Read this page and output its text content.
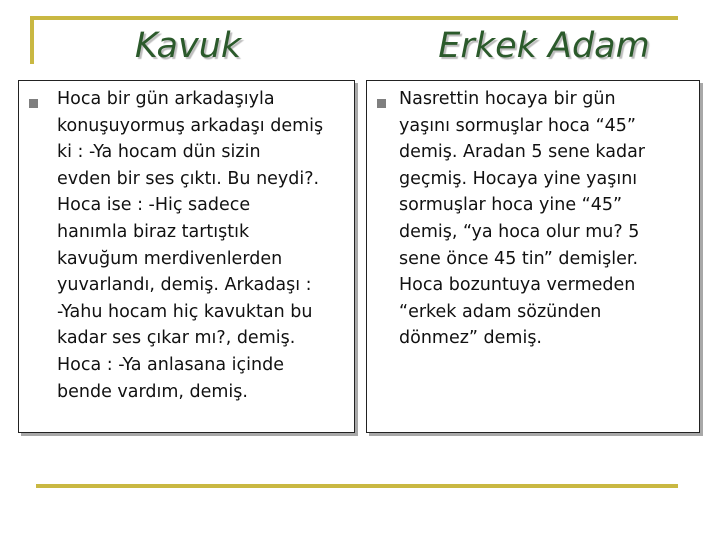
Kavuk	Erkek Adam
Hoca bir gün arkadaşıyla
konuşuyormuş arkadaşı demiş
ki : -Ya hocam dün sizin
evden bir ses çıktı. Bu neydi?.
Hoca ise : -Hiç sadece
hanımla biraz tartıştık
kavuğum merdivenlerden
yuvarlandı, demiş. Arkadaşı :
-Yahu hocam hiç kavuktan bu
kadar ses çıkar mı?, demiş.
Hoca : -Ya anlasana içinde
bende vardım, demiş.
Nasrettin hocaya bir gün
yaşını sormuşlar hoca “45”
demiş. Aradan 5 sene kadar
geçmiş. Hocaya yine yaşını
sormuşlar hoca yine “45”
demiş, “ya hoca olur mu? 5
sene önce 45 tin” demişler.
Hoca bozuntuya vermeden
“erkek adam sözünden
dönmez” demiş.
